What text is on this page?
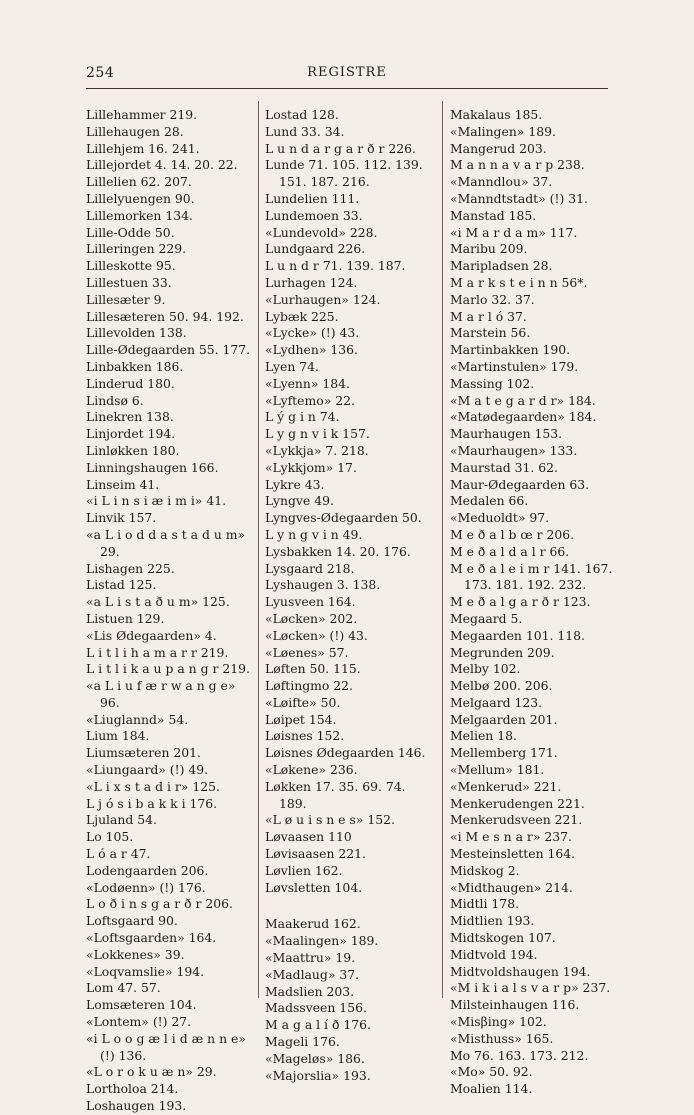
254	REGISTRE

Lillehammer 219.

Lillehaugen 28.

Lillehjem 16. 241.

Lillejordet 4. 14. 20. 22.

Lillelien 62. 207.

Lillelyuengen 90.

Lillemorken 134.

Lille-Odde 50.

Lilleringen 229.

Lilleskotte 95.

Lillestuen 33.

Lillesæter 9.

Lillesæteren 50. 94. 192.

Lillevolden 138.

Lille-Ødegaarden 55. 177.

Linbakken 186.

Linderud 180.

Lindsø 6.

Linekren 138.

Linjordet 194.

Linløkken 180.

Linningshaugen 166.

Linseim 41.

«i L i n s i æ i m i» 41.

Linvik 157.

«a L i o d d a s t a d u m» 29.

Lishagen 225.

Listad 125.

«a L i s t a ð u m» 125.

Listuen 129.

«Lis Ødegaarden» 4.

L i t l i h a m a r r 219.

L i t l i k a u p a n g r 219.

«a L i u f æ r w a n g e» 96.

«Liuglannd» 54.

Lium 184.

Liumsæteren 201.

«Liungaard» (!) 49.

«L i x s t a d i r» 125.

L j ó s i b a k k i 176.

Ljuland 54.

Lo 105.

L ó a r 47.

Lodengaarden 206.

«Lodøenn» (!) 176.

L o ð i n s g a r ð r 206.

Loftsgaard 90.

«Loftsgaarden» 164.

«Lokkenes» 39.

«Loqvamslie» 194.

Lom 47. 57.

Lomsæteren 104.

«Lontem» (!) 27.

«i L o o g æ l i d æ n n e» (!) 136.

«L o r o k u æ n» 29.

Lortholoa 214.

Loshaugen 193.

Lostad 128.

Lund 33. 34.

L u n d a r g a r ð r 226.

Lunde 71. 105. 112. 139. 151. 187. 216.

Lundelien 111.

Lundemoen 33.

«Lundevold» 228.

Lundgaard 226.

L u n d r 71. 139. 187.

Lurhagen 124.

«Lurhaugen» 124.

Lybæk 225.

«Lycke» (!) 43.

«Lydhen» 136.

Lyen 74.

«Lyenn» 184.

«Lyftemo» 22.

L ý g i n 74.

L y g n v i k 157.

«Lykkja» 7. 218.

«Lykkjom» 17.

Lykre 43.

Lyngve 49.

Lyngves-Ødegaarden 50.

L y n g v i n 49.

Lysbakken 14. 20. 176.

Lysgaard 218.

Lyshaugen 3. 138.

Lyusveen 164.

«Løcken» 202.

«Løcken» (!) 43.

«Løenes» 57.

Løften 50. 115.

Løftingmo 22.

«Løifte» 50.

Løipet 154.

Løisnes 152.

Løisnes Ødegaarden 146.

«Løkene» 236.

Løkken 17. 35. 69. 74. 189.

«L ø u i s n e s» 152.

Løvaasen 110

Løvisaasen 221.

Løvlien 162.

Løvsletten 104.

Maakerud 162.

«Maalingen» 189.

«Maattru» 19.

«Madlaug» 37.

Madslien 203.

Madssveen 156.

M a g a l í ð 176.

Mageli 176.

«Mageløs» 186.

«Majorslia» 193.

Makalaus 185.

«Malingen» 189.

Mangerud 203.

M a n n a v a r p 238.

«Manndlou» 37.

«Manndtstadt» (!) 31.

Manstad 185.

«i M a r d a m» 117.

Maribu 209.

Maripladsen 28.

M a r k s t e i n n 56*.

Marlo 32. 37.

M a r l ó 37.

Marstein 56.

Martinbakken 190.

«Martinstulen» 179.

Massing 102.

«M a t e g a r d r» 184.

«Matødegaarden» 184.

Maurhaugen 153.

«Maurhaugen» 133.

Maurstad 31. 62.

Maur-Ødegaarden 63.

Medalen 66.

«Meduoldt» 97.

M e ð a l b œ r 206.

M e ð a l d a l r 66.

M e ð a l e i m r 141. 167. 173. 181. 192. 232.

M e ð a l g a r ð r 123.

Megaard 5.

Megaarden 101. 118.

Megrunden 209.

Melby 102.

Melbø 200. 206.

Melgaard 123.

Melgaarden 201.

Melien 18.

Mellemberg 171.

«Mellum» 181.

«Menkerud» 221.

Menkerudengen 221.

Menkerudsveen 221.

«i M e s n a r» 237.

Mesteinsletten 164.

Midskog 2.

«Midthaugen» 214.

Midtli 178.

Midtlien 193.

Midtskogen 107.

Midtvold 194.

Midtvoldshaugen 194.

«M i k i a l s v a r p» 237.

Milsteinhaugen 116.

«Misβing» 102.

«Misthuss» 165.

Mo 76. 163. 173. 212.

«Mo» 50. 92.

Moalien 114.
